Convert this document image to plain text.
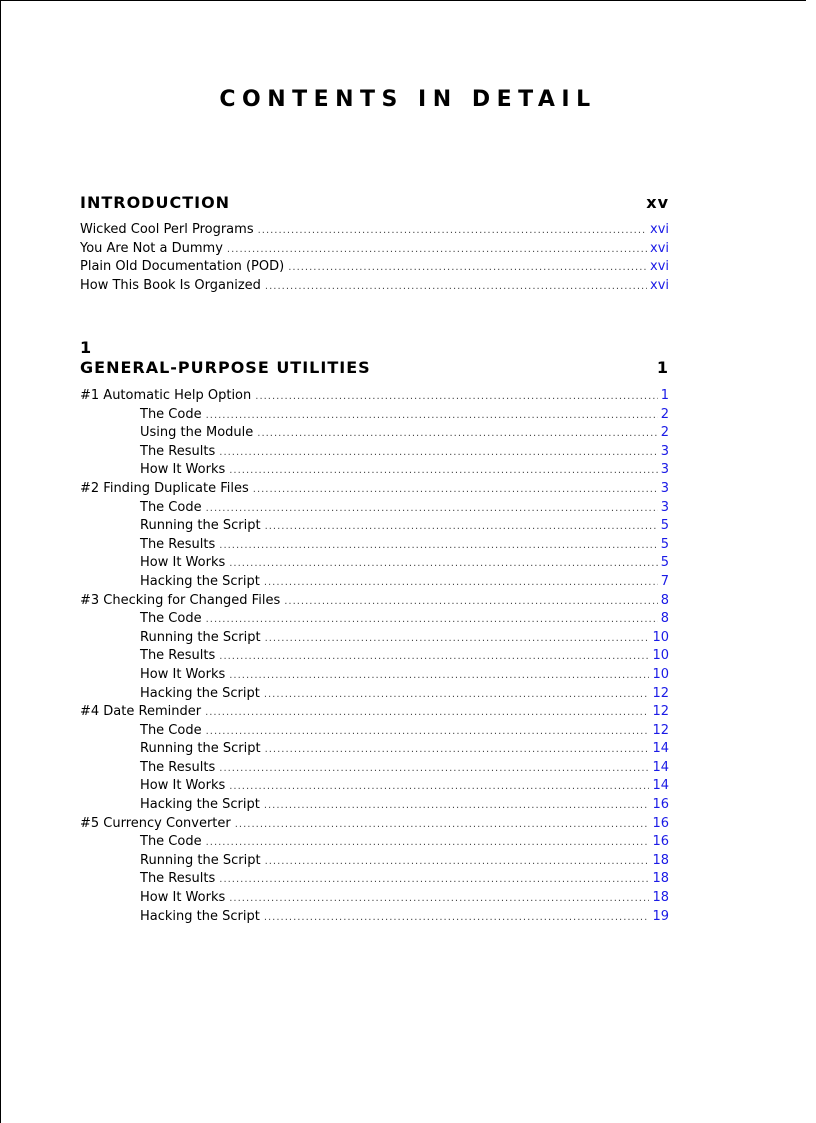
CONTENTS IN DETAIL
INTRODUCTION	xv
Wicked Cool Perl Programs .....	xvi
You Are Not a Dummy .....	xvi
Plain Old Documentation (POD) .....	xvi
How This Book Is Organized .....	xvi
1
GENERAL-PURPOSE UTILITIES	1
#1 Automatic Help Option .....	1
The Code .....	2
Using the Module .....	2
The Results .....	3
How It Works .....	3
#2 Finding Duplicate Files .....	3
The Code .....	3
Running the Script .....	5
The Results .....	5
How It Works .....	5
Hacking the Script .....	7
#3 Checking for Changed Files .....	8
The Code .....	8
Running the Script .....	10
The Results .....	10
How It Works .....	10
Hacking the Script .....	12
#4 Date Reminder .....	12
The Code .....	12
Running the Script .....	14
The Results .....	14
How It Works .....	14
Hacking the Script .....	16
#5 Currency Converter .....	16
The Code .....	16
Running the Script .....	18
The Results .....	18
How It Works .....	18
Hacking the Script .....	19
